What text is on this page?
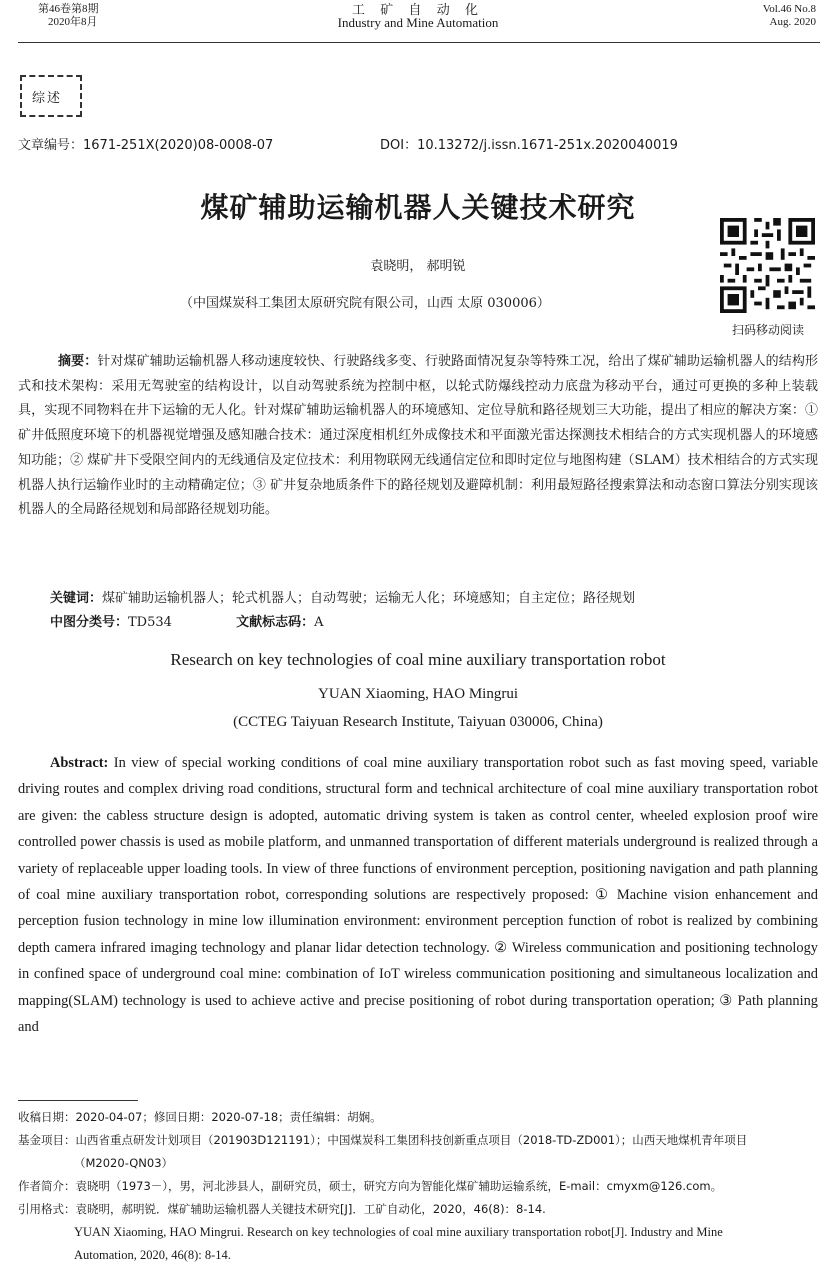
第46卷第8期
2020年8月
工 矿 自 动 化
Industry and Mine Automation
Vol.46 No.8
Aug. 2020
综述
文章编号：1671-251X(2020)08-0008-07	DOI：10.13272/j.issn.1671-251x.2020040019
煤矿辅助运输机器人关键技术研究
扫码移动阅读
袁晓明， 郝明锐
（中国煤炭科工集团太原研究院有限公司，山西 太原 030006）
摘要：针对煤矿辅助运输机器人移动速度较快、行驶路线多变、行驶路面情况复杂等特殊工况，给出了煤矿辅助运输机器人的结构形式和技术架构：采用无驾驶室的结构设计，以自动驾驶系统为控制中枢，以轮式防爆线控动力底盘为移动平台，通过可更换的多种上装载具，实现不同物料在井下运输的无人化。针对煤矿辅助运输机器人的环境感知、定位导航和路径规划三大功能，提出了相应的解决方案：① 矿井低照度环境下的机器视觉增强及感知融合技术：通过深度相机红外成像技术和平面激光雷达探测技术相结合的方式实现机器人的环境感知功能；② 煤矿井下受限空间内的无线通信及定位技术：利用物联网无线通信定位和即时定位与地图构建（SLAM）技术相结合的方式实现机器人执行运输作业时的主动精确定位；③ 矿井复杂地质条件下的路径规划及避障机制：利用最短路径搜索算法和动态窗口算法分别实现该机器人的全局路径规划和局部路径规划功能。
关键词：煤矿辅助运输机器人；轮式机器人；自动驾驶；运输无人化；环境感知；自主定位；路径规划
中图分类号：TD534	文献标志码：A
Research on key technologies of coal mine auxiliary transportation robot
YUAN Xiaoming, HAO Mingrui
(CCTEG Taiyuan Research Institute, Taiyuan 030006, China)
Abstract: In view of special working conditions of coal mine auxiliary transportation robot such as fast moving speed, variable driving routes and complex driving road conditions, structural form and technical architecture of coal mine auxiliary transportation robot are given: the cabless structure design is adopted, automatic driving system is taken as control center, wheeled explosion proof wire controlled power chassis is used as mobile platform, and unmanned transportation of different materials underground is realized through a variety of replaceable upper loading tools. In view of three functions of environment perception, positioning navigation and path planning of coal mine auxiliary transportation robot, corresponding solutions are respectively proposed: ① Machine vision enhancement and perception fusion technology in mine low illumination environment: environment perception function of robot is realized by combining depth camera infrared imaging technology and planar lidar detection technology. ② Wireless communication and positioning technology in confined space of underground coal mine: combination of IoT wireless communication positioning and simultaneous localization and mapping(SLAM) technology is used to achieve active and precise positioning of robot during transportation operation; ③ Path planning and
收稿日期：2020-04-07；修回日期：2020-07-18；责任编辑：胡娴。
基金项目：山西省重点研发计划项目（201903D121191）；中国煤炭科工集团科技创新重点项目（2018-TD-ZD001）；山西天地煤机青年项目
（M2020-QN03）
作者简介：袁晓明（1973－），男，河北涉县人，副研究员，硕士，研究方向为智能化煤矿辅助运输系统，E-mail：cmyxm@126.com。
引用格式：袁晓明，郝明锐．煤矿辅助运输机器人关键技术研究[J]．工矿自动化，2020，46(8)：8-14.
YUAN Xiaoming, HAO Mingrui. Research on key technologies of coal mine auxiliary transportation robot[J]. Industry and Mine
Automation, 2020, 46(8): 8-14.
